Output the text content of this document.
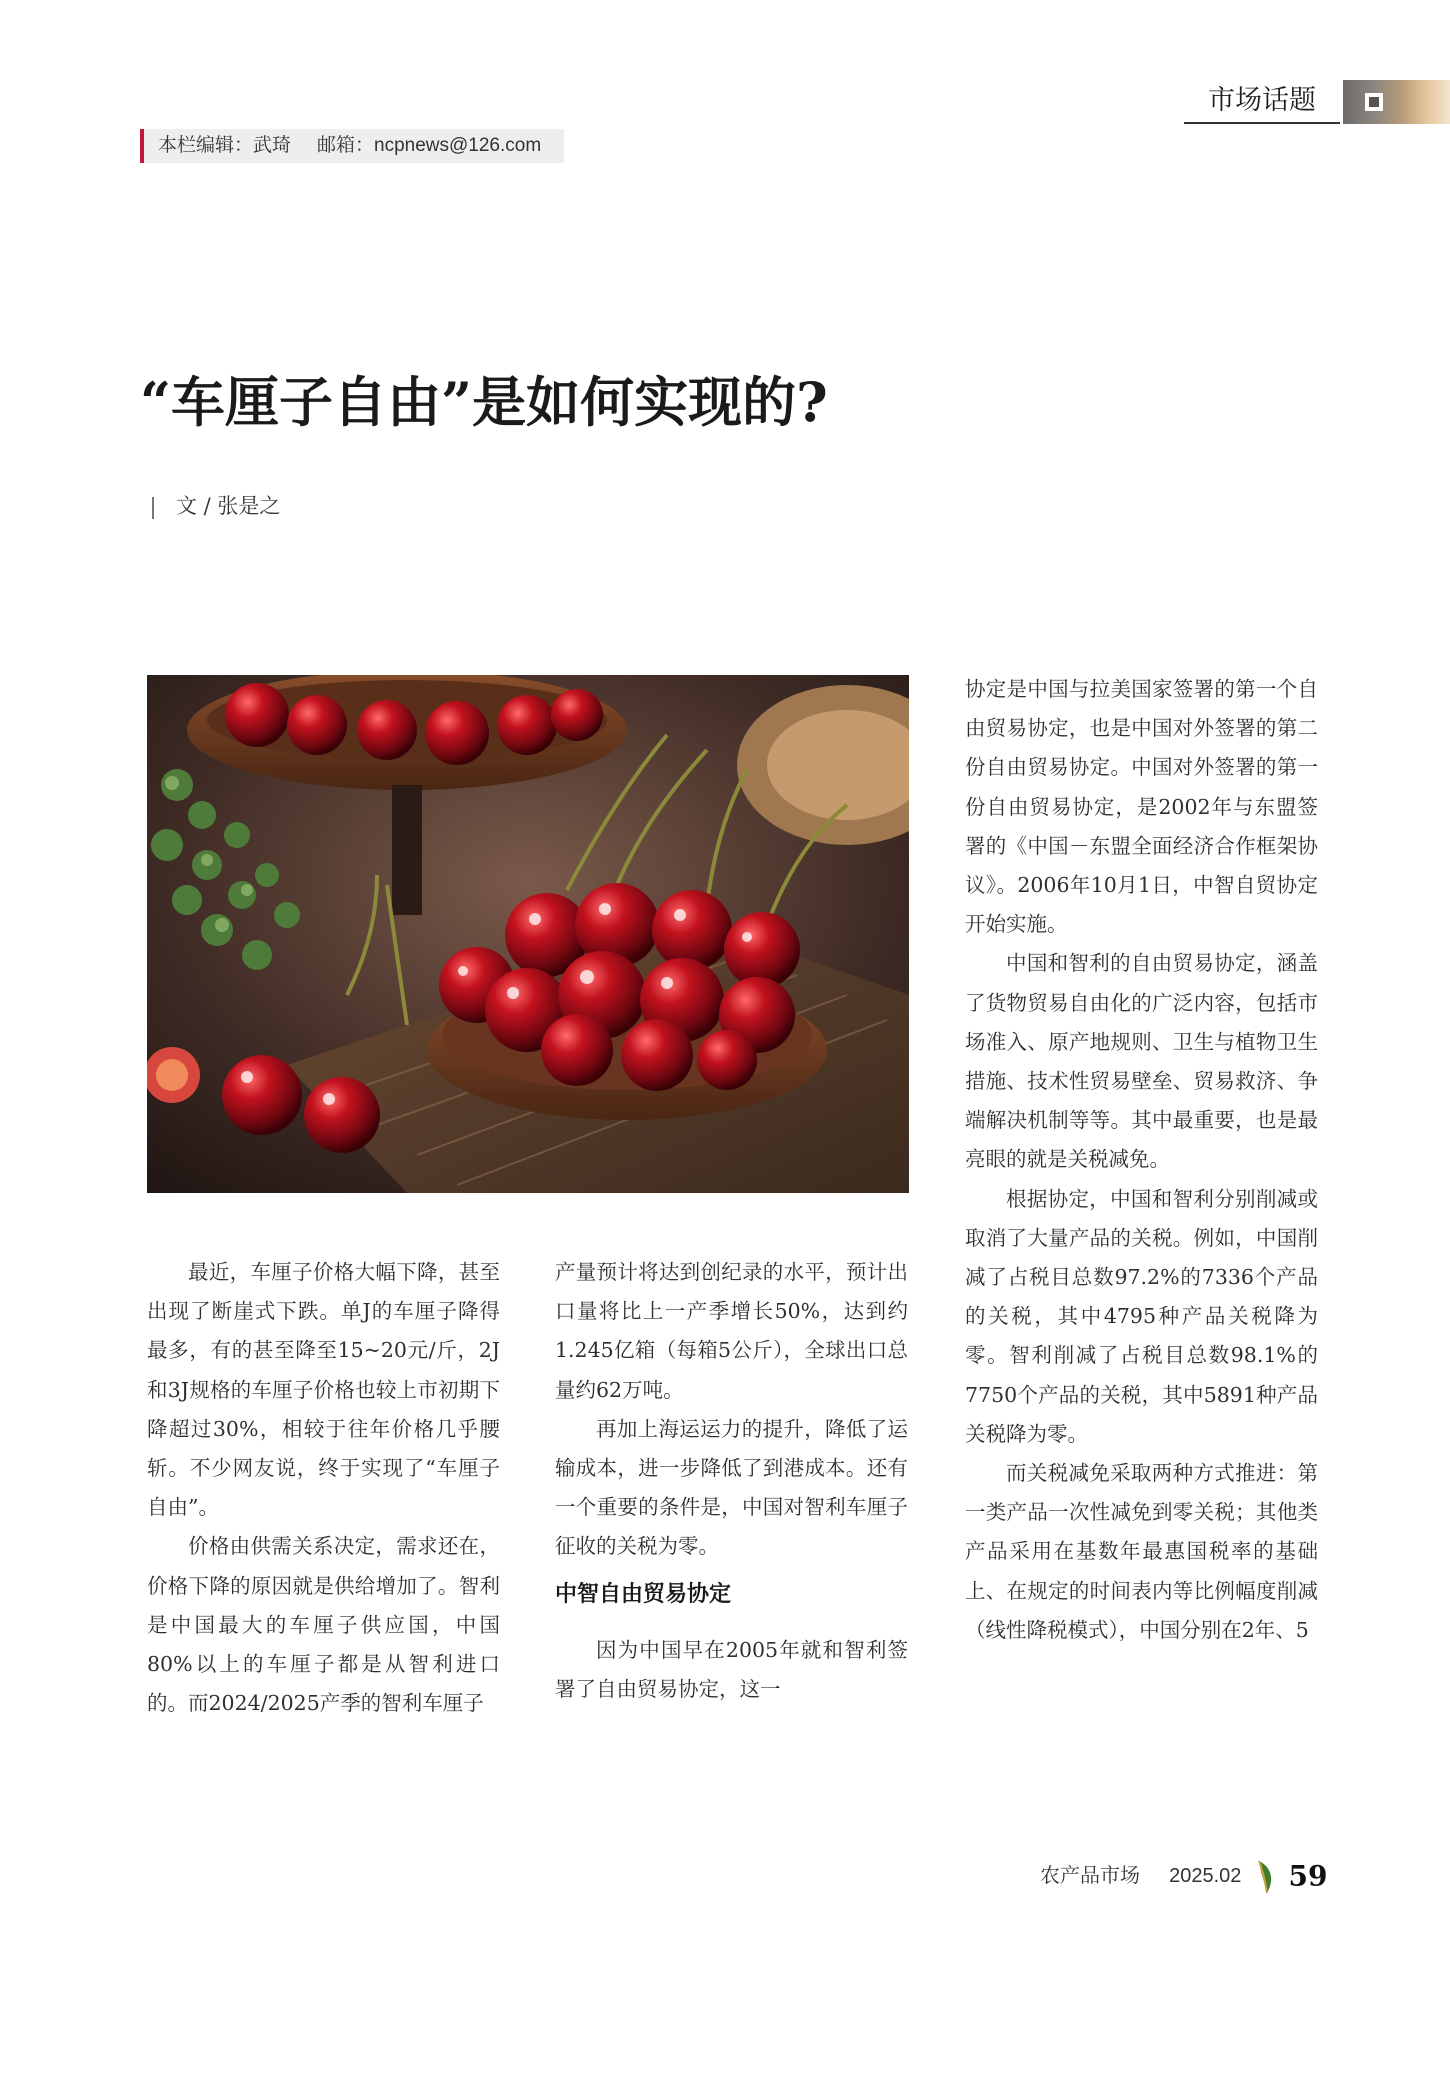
本栏编辑：武琦 邮箱：ncpnews@126.com
市场话题
“车厘子自由”是如何实现的?
文 / 张是之

最近，车厘子价格大幅下降，甚至出现了断崖式下跌。单J的车厘子降得最多，有的甚至降至15~20元/斤，2J和3J规格的车厘子价格也较上市初期下降超过30%，相较于往年价格几乎腰斩。不少网友说，终于实现了“车厘子自由”。

价格由供需关系决定，需求还在，价格下降的原因就是供给增加了。智利是中国最大的车厘子供应国，中国80%以上的车厘子都是从智利进口的。而2024/2025产季的智利车厘子

产量预计将达到创纪录的水平，预计出口量将比上一产季增长50%，达到约1.245亿箱（每箱5公斤），全球出口总量约62万吨。

再加上海运运力的提升，降低了运输成本，进一步降低了到港成本。还有一个重要的条件是，中国对智利车厘子征收的关税为零。

中智自由贸易协定

因为中国早在2005年就和智利签署了自由贸易协定，这一

协定是中国与拉美国家签署的第一个自由贸易协定，也是中国对外签署的第二份自由贸易协定。中国对外签署的第一份自由贸易协定，是2002年与东盟签署的《中国－东盟全面经济合作框架协议》。2006年10月1日，中智自贸协定开始实施。

中国和智利的自由贸易协定，涵盖了货物贸易自由化的广泛内容，包括市场准入、原产地规则、卫生与植物卫生措施、技术性贸易壁垒、贸易救济、争端解决机制等等。其中最重要，也是最亮眼的就是关税减免。

根据协定，中国和智利分别削减或取消了大量产品的关税。例如，中国削减了占税目总数97.2%的7336个产品的关税，其中4795种产品关税降为零。智利削减了占税目总数98.1%的7750个产品的关税，其中5891种产品关税降为零。

而关税减免采取两种方式推进：第一类产品一次性减免到零关税；其他类产品采用在基数年最惠国税率的基础上、在规定的时间表内等比例幅度削减（线性降税模式），中国分别在2年、5

农产品市场 2025.02 59
